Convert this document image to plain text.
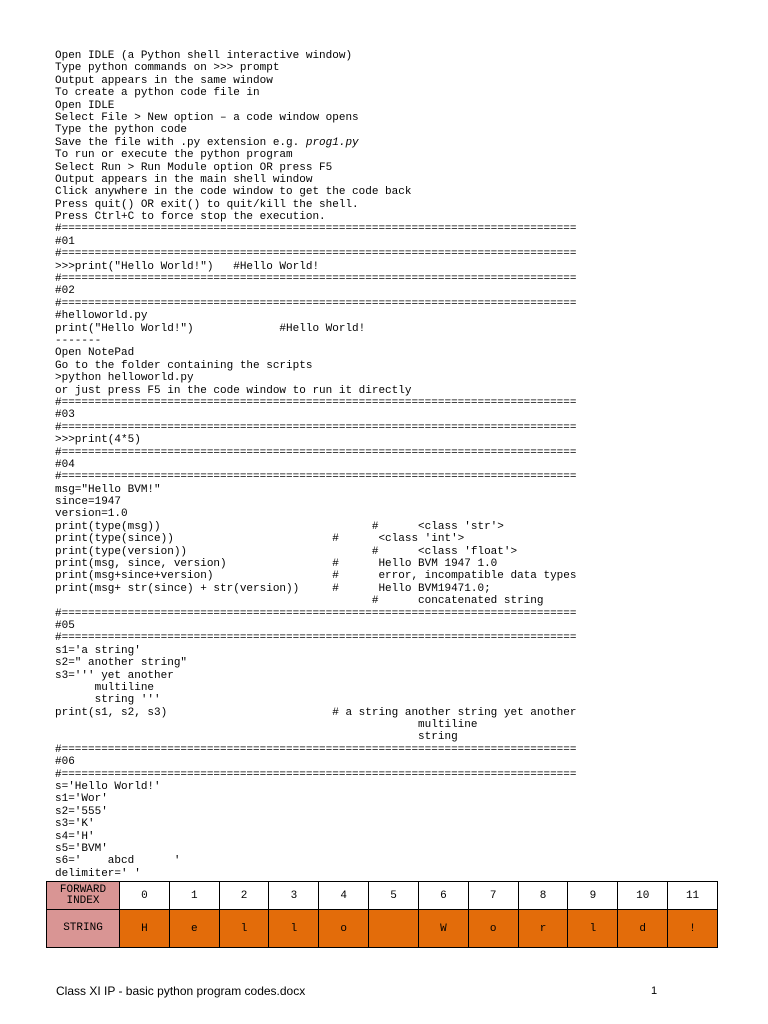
Open IDLE (a Python shell interactive window)
Type python commands on >>> prompt
Output appears in the same window
To create a python code file in
Open IDLE
Select File > New option – a code window opens
Type the python code
Save the file with .py extension e.g. prog1.py
To run or execute the python program
Select Run > Run Module option OR press F5
Output appears in the main shell window
Click anywhere in the code window to get the code back
Press quit() OR exit() to quit/kill the shell.
Press Ctrl+C to force stop the execution.
#==============================================================================
#01
#==============================================================================
>>>print("Hello World!")   #Hello World!
#==============================================================================
#02
#==============================================================================
#helloworld.py
print("Hello World!")             #Hello World!
-------
Open NotePad
Go to the folder containing the scripts
>python helloworld.py
or just press F5 in the code window to run it directly
#==============================================================================
#03
#==============================================================================
>>>print(4*5)
#==============================================================================
#04
#==============================================================================
msg="Hello BVM!"
since=1947
version=1.0
print(type(msg))                                #      <class 'str'>
print(type(since))                        #      <class 'int'>
print(type(version))                            #      <class 'float'>
print(msg, since, version)                #      Hello BVM 1947 1.0
print(msg+since+version)                  #      error, incompatible data types
print(msg+ str(since) + str(version))     #      Hello BVM19471.0;
#      concatenated string
#==============================================================================
#05
#==============================================================================
s1='a string'
s2=" another string"
s3=''' yet another
multiline
string '''
print(s1, s2, s3)                         # a string another string yet another
multiline
string
#==============================================================================
#06
#==============================================================================
s='Hello World!'
s1='Wor'
s2='555'
s3='K'
s4='H'
s5='BVM'
s6='    abcd      '
delimiter=' '
FORWARD INDEX	0	1	2	3	4	5	6	7	8	9	10	11
STRING	H	e	l	l	o		W	o	r	l	d	!
Class XI IP - basic python program codes.docx	1
